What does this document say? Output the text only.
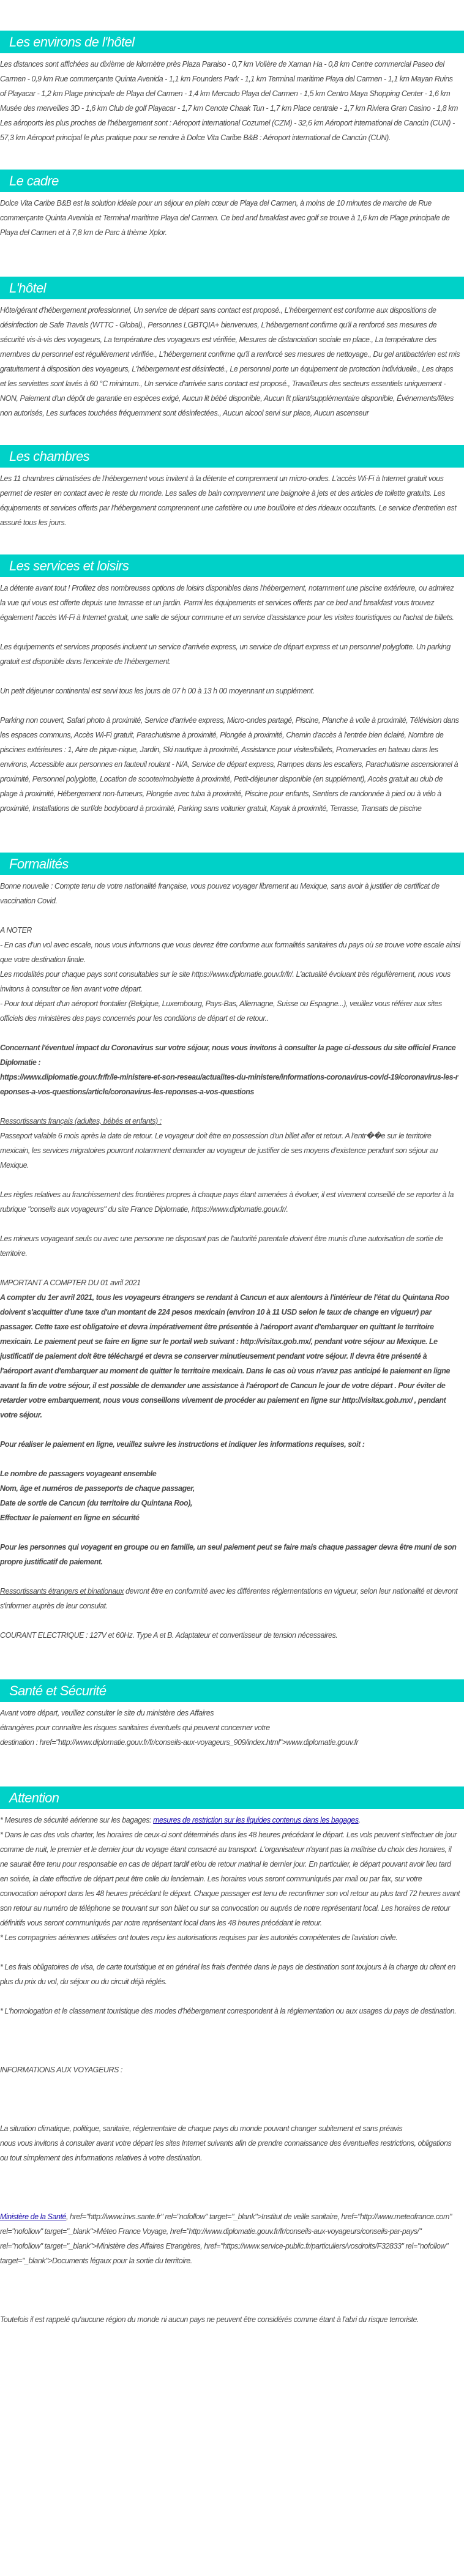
Les environs de l'hôtel

Les distances sont affichées au dixième de kilomètre près Plaza Paraiso - 0,7 km Volière de Xaman Ha - 0,8 km Centre commercial Paseo del Carmen - 0,9 km Rue commerçante Quinta Avenida - 1,1 km Founders Park - 1,1 km Terminal maritime Playa del Carmen - 1,1 km Mayan Ruins of Playacar - 1,2 km Plage principale de Playa del Carmen - 1,4 km Mercado Playa del Carmen - 1,5 km Centro Maya Shopping Center - 1,6 km Musée des merveilles 3D - 1,6 km Club de golf Playacar - 1,7 km Cenote Chaak Tun - 1,7 km Place centrale - 1,7 km Riviera Gran Casino - 1,8 km Les aéroports les plus proches de l'hébergement sont : Aéroport international Cozumel (CZM) - 32,6 km Aéroport international de Cancún (CUN) - 57,3 km Aéroport principal le plus pratique pour se rendre à Dolce Vita Caribe B&B : Aéroport international de Cancún (CUN).

Le cadre

Dolce Vita Caribe B&B est la solution idéale pour un séjour en plein cœur de Playa del Carmen, à moins de 10 minutes de marche de Rue commerçante Quinta Avenida et Terminal maritime Playa del Carmen. Ce bed and breakfast avec golf se trouve à 1,6 km de Plage principale de Playa del Carmen et à 7,8 km de Parc à thème Xplor.

L'hôtel

Hôte/gérant d'hébergement professionnel, Un service de départ sans contact est proposé., L'hébergement est conforme aux dispositions de désinfection de Safe Travels (WTTC - Global)., Personnes LGBTQIA+ bienvenues, L'hébergement confirme qu'il a renforcé ses mesures de sécurité vis-à-vis des voyageurs, La température des voyageurs est vérifiée, Mesures de distanciation sociale en place., La température des membres du personnel est régulièrement vérifiée., L'hébergement confirme qu'il a renforcé ses mesures de nettoyage., Du gel antibactérien est mis gratuitement à disposition des voyageurs, L'hébergement est désinfecté., Le personnel porte un équipement de protection individuelle., Les draps et les serviettes sont lavés à 60 °C minimum., Un service d'arrivée sans contact est proposé., Travailleurs des secteurs essentiels uniquement - NON, Paiement d'un dépôt de garantie en espèces exigé, Aucun lit bébé disponible, Aucun lit pliant/supplémentaire disponible, Événements/fêtes non autorisés, Les surfaces touchées fréquemment sont désinfectées., Aucun alcool servi sur place, Aucun ascenseur

Les chambres

Les 11 chambres climatisées de l'hébergement vous invitent à la détente et comprennent un micro-ondes. L'accès Wi-Fi à Internet gratuit vous permet de rester en contact avec le reste du monde. Les salles de bain comprennent une baignoire à jets et des articles de toilette gratuits. Les équipements et services offerts par l'hébergement comprennent une cafetière ou une bouilloire et des rideaux occultants. Le service d'entretien est assuré tous les jours.

Les services et loisirs

La détente avant tout ! Profitez des nombreuses options de loisirs disponibles dans l'hébergement, notamment une piscine extérieure, ou admirez la vue qui vous est offerte depuis une terrasse et un jardin. Parmi les équipements et services offerts par ce bed and breakfast vous trouvez également l'accès Wi-Fi à Internet gratuit, une salle de séjour commune et un service d'assistance pour les visites touristiques ou l'achat de billets.

Les équipements et services proposés incluent un service d'arrivée express, un service de départ express et un personnel polyglotte. Un parking gratuit est disponible dans l'enceinte de l'hébergement.

Un petit déjeuner continental est servi tous les jours de 07 h 00 à 13 h 00 moyennant un supplément.

Parking non couvert, Safari photo à proximité, Service d'arrivée express, Micro-ondes partagé, Piscine, Planche à voile à proximité, Télévision dans les espaces communs, Accès Wi-Fi gratuit, Parachutisme à proximité, Plongée à proximité, Chemin d'accès à l'entrée bien éclairé, Nombre de piscines extérieures : 1, Aire de pique-nique, Jardin, Ski nautique à proximité, Assistance pour visites/billets, Promenades en bateau dans les environs, Accessible aux personnes en fauteuil roulant - N/A, Service de départ express, Rampes dans les escaliers, Parachutisme ascensionnel à proximité, Personnel polyglotte, Location de scooter/mobylette à proximité, Petit-déjeuner disponible (en supplément), Accès gratuit au club de plage à proximité, Hébergement non-fumeurs, Plongée avec tuba à proximité, Piscine pour enfants, Sentiers de randonnée à pied ou à vélo à proximité, Installations de surf/de bodyboard à proximité, Parking sans voiturier gratuit, Kayak à proximité, Terrasse, Transats de piscine

Formalités

Bonne nouvelle : Compte tenu de votre nationalité française, vous pouvez voyager librement au Mexique, sans avoir à justifier de certificat de vaccination Covid.

A NOTER

- En cas d'un vol avec escale, nous vous informons que vous devrez être conforme aux formalités sanitaires du pays où se trouve votre escale ainsi que votre destination finale.

Les modalités pour chaque pays sont consultables sur le site https://www.diplomatie.gouv.fr/fr/. L'actualité évoluant très régulièrement, nous vous invitons à consulter ce lien avant votre départ.

- Pour tout départ d'un aéroport frontalier (Belgique, Luxembourg, Pays-Bas, Allemagne, Suisse ou Espagne...), veuillez vous référer aux sites officiels des ministères des pays concernés pour les conditions de départ et de retour..

Concernant l'éventuel impact du Coronavirus sur votre séjour, nous vous invitons à consulter la page ci-dessous du site officiel France Diplomatie :

https://www.diplomatie.gouv.fr/fr/le-ministere-et-son-reseau/actualites-du-ministere/informations-coronavirus-covid-19/coronavirus-les-reponses-a-vos-questions/article/coronavirus-les-reponses-a-vos-questions

Ressortissants français (adultes, bébés et enfants) :

Passeport valable 6 mois après la date de retour. Le voyageur doit être en possession d'un billet aller et retour. A l'entr��e sur le territoire mexicain, les services migratoires pourront notamment demander au voyageur de justifier de ses moyens d'existence pendant son séjour au Mexique.

Les règles relatives au franchissement des frontières propres à chaque pays étant amenées à évoluer, il est vivement conseillé de se reporter à la rubrique "conseils aux voyageurs" du site France Diplomatie, https://www.diplomatie.gouv.fr/.

Les mineurs voyageant seuls ou avec une personne ne disposant pas de l'autorité parentale doivent être munis d'une autorisation de sortie de territoire.

IMPORTANT A COMPTER DU 01 avril 2021

A compter du 1er avril 2021, tous les voyageurs étrangers se rendant à Cancun et aux alentours à l'intérieur de l'état du Quintana Roo doivent s'acquitter d'une taxe d'un montant de 224 pesos mexicain (environ 10 à 11 USD selon le taux de change en vigueur) par passager. Cette taxe est obligatoire et devra impérativement être présentée à l'aéroport avant d'embarquer en quittant le territoire mexicain. Le paiement peut se faire en ligne sur le portail web suivant : http://visitax.gob.mx/, pendant votre séjour au Mexique. Le justificatif de paiement doit être téléchargé et devra se conserver minutieusement pendant votre séjour. Il devra être présenté à l'aéroport avant d'embarquer au moment de quitter le territoire mexicain. Dans le cas où vous n'avez pas anticipé le paiement en ligne avant la fin de votre séjour, il est possible de demander une assistance à l'aéroport de Cancun le jour de votre départ . Pour éviter de retarder votre embarquement, nous vous conseillons vivement de procéder au paiement en ligne sur http://visitax.gob.mx/ , pendant votre séjour.

Pour réaliser le paiement en ligne, veuillez suivre les instructions et indiquer les informations requises, soit :

Le nombre de passagers voyageant ensemble

Nom, âge et numéros de passeports de chaque passager,

Date de sortie de Cancun (du territoire du Quintana Roo),

Effectuer le paiement en ligne en sécurité

Pour les personnes qui voyagent en groupe ou en famille, un seul paiement peut se faire mais chaque passager devra être muni de son propre justificatif de paiement.

Ressortissants étrangers et binationaux devront être en conformité avec les différentes réglementations en vigueur, selon leur nationalité et devront s'informer auprès de leur consulat.

COURANT ELECTRIQUE : 127V et 60Hz. Type A et B. Adaptateur et convertisseur de tension nécessaires.

Santé et Sécurité

Avant votre départ, veuillez consulter le site du ministère des Affaires

étrangères pour connaître les risques sanitaires éventuels qui peuvent concerner votre

destination : href="http://www.diplomatie.gouv.fr/fr/conseils-aux-voyageurs_909/index.html">www.diplomatie.gouv.fr

Attention

* Mesures de sécurité aérienne sur les bagages: mesures de restriction sur les liquides contenus dans les bagages.

* Dans le cas des vols charter, les horaires de ceux-ci sont déterminés dans les 48 heures précédant le départ. Les vols peuvent s'effectuer de jour comme de nuit, le premier et le dernier jour du voyage étant consacré au transport. L'organisateur n'ayant pas la maîtrise du choix des horaires, il ne saurait être tenu pour responsable en cas de départ tardif et/ou de retour matinal le dernier jour. En particulier, le départ pouvant avoir lieu tard en soirée, la date effective de départ peut être celle du lendemain. Les horaires vous seront communiqués par mail ou par fax, sur votre convocation aéroport dans les 48 heures précédant le départ. Chaque passager est tenu de reconfirmer son vol retour au plus tard 72 heures avant son retour au numéro de téléphone se trouvant sur son billet ou sur sa convocation ou auprés de notre représentant local. Les horaires de retour définitifs vous seront communiqués par notre représentant local dans les 48 heures précédant le retour.

* Les compagnies aériennes utilisées ont toutes reçu les autorisations requises par les autorités compétentes de l'aviation civile.

* Les frais obligatoires de visa, de carte touristique et en général les frais d'entrée dans le pays de destination sont toujours à la charge du client en plus du prix du vol, du séjour ou du circuit déjà réglés.

* L'homologation et le classement touristique des modes d'hébergement correspondent à la réglementation ou aux usages du pays de destination.

INFORMATIONS AUX VOYAGEURS :

La situation climatique, politique, sanitaire, réglementaire de chaque pays du monde pouvant changer subitement et sans préavis

nous vous invitons à consulter avant votre départ les sites Internet suivants afin de prendre connaissance des éventuelles restrictions, obligations ou tout simplement des informations relatives à votre destination.

Ministère de la Santé, href="http://www.invs.sante.fr" rel="nofollow" target="_blank">Institut de veille sanitaire, href="http://www.meteofrance.com" rel="nofollow" target="_blank">Méteo France Voyage, href="http://www.diplomatie.gouv.fr/fr/conseils-aux-voyageurs/conseils-par-pays/" rel="nofollow" target="_blank">Ministère des Affaires Etrangères, href="https://www.service-public.fr/particuliers/vosdroits/F32833" rel="nofollow" target="_blank">Documents légaux pour la sortie du territoire.

Toutefois il est rappelé qu'aucune région du monde ni aucun pays ne peuvent être considérés comme étant à l'abri du risque terroriste.
